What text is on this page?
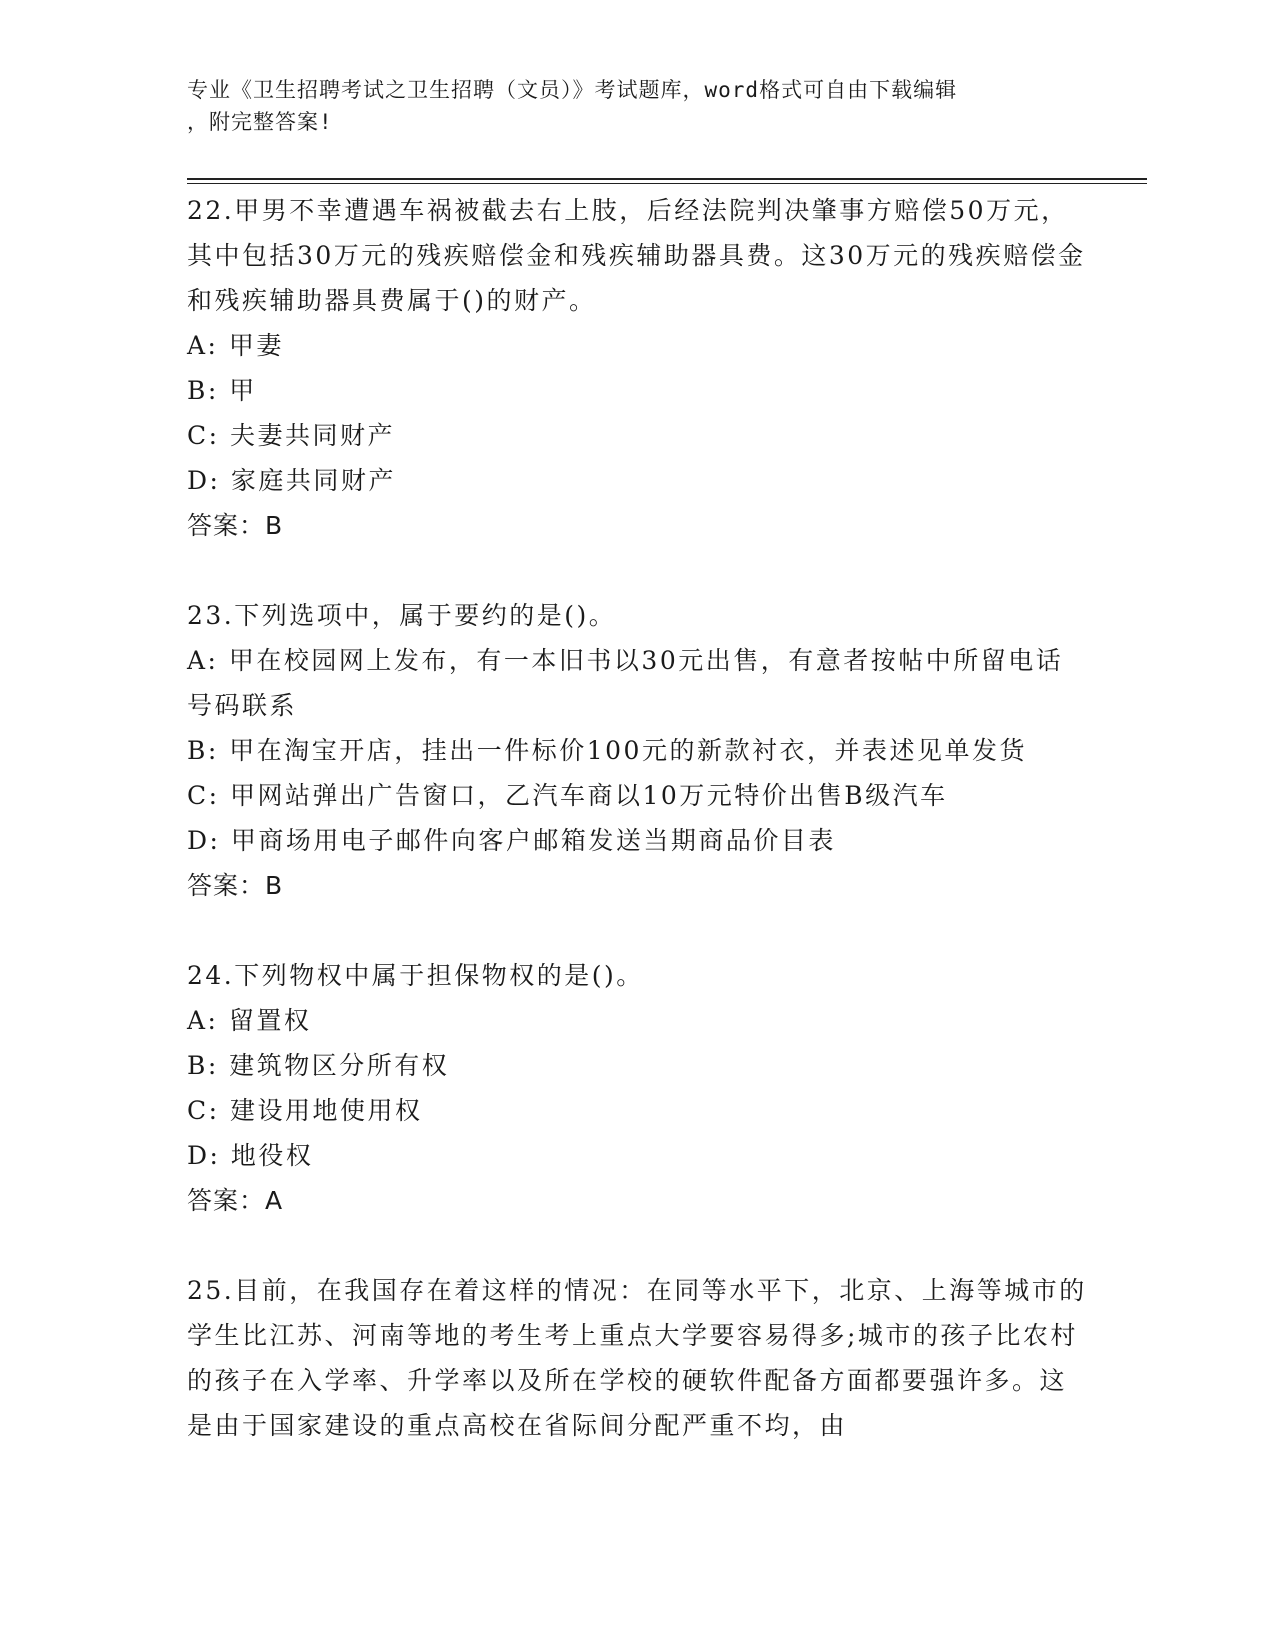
专业《卫生招聘考试之卫生招聘（文员）》考试题库，word格式可自由下载编辑
，附完整答案!
22.甲男不幸遭遇车祸被截去右上肢，后经法院判决肇事方赔偿50万元，其中包括30万元的残疾赔偿金和残疾辅助器具费。这30万元的残疾赔偿金和残疾辅助器具费属于()的财产。
A: 甲妻
B: 甲
C: 夫妻共同财产
D: 家庭共同财产
答案：B
23.下列选项中，属于要约的是()。
A: 甲在校园网上发布，有一本旧书以30元出售，有意者按帖中所留电话号码联系
B: 甲在淘宝开店，挂出一件标价100元的新款衬衣，并表述见单发货
C: 甲网站弹出广告窗口，乙汽车商以10万元特价出售B级汽车
D: 甲商场用电子邮件向客户邮箱发送当期商品价目表
答案：B
24.下列物权中属于担保物权的是()。
A: 留置权
B: 建筑物区分所有权
C: 建设用地使用权
D: 地役权
答案：A
25.目前，在我国存在着这样的情况：在同等水平下，北京、上海等城市的学生比江苏、河南等地的考生考上重点大学要容易得多;城市的孩子比农村的孩子在入学率、升学率以及所在学校的硬软件配备方面都要强许多。这是由于国家建设的重点高校在省际间分配严重不均，由
